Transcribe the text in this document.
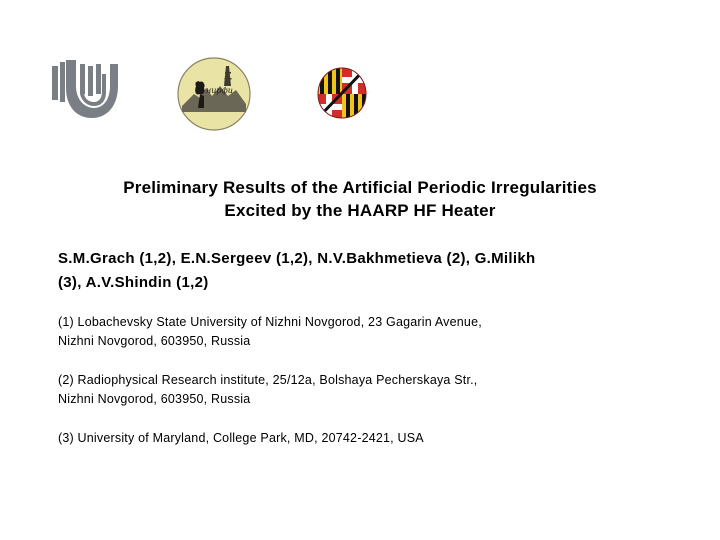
нирфи
Preliminary Results of the Artificial Periodic Irregularities
Excited by the HAARP HF Heater
S.M.Grach (1,2), E.N.Sergeev (1,2), N.V.Bakhmetieva (2), G.Milikh
(3), A.V.Shindin (1,2)
(1) Lobachevsky State University of Nizhni Novgorod, 23 Gagarin Avenue,
Nizhni Novgorod, 603950, Russia
(2) Radiophysical Research institute, 25/12a, Bolshaya Pecherskaya Str.,
Nizhni Novgorod, 603950, Russia
(3) University of Maryland, College Park, MD, 20742-2421, USA
